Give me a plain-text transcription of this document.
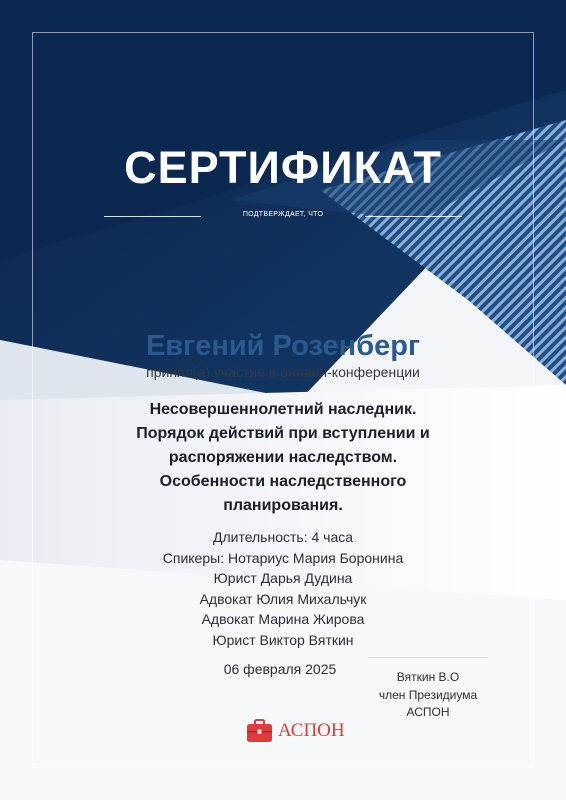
СЕРТИФИКАТ
ПОДТВЕРЖДАЕТ, ЧТО
Евгений Розенберг
принял(а) участие в онлайн-конференции
Несовершеннолетний наследник.
Порядок действий при вступлении и
распоряжении наследством.
Особенности наследственного
планирования.
Длительность: 4 часа
Спикеры: Нотариус Мария Боронина
Юрист Дарья Дудина
Адвокат Юлия Михальчук
Адвокат Марина Жирова
Юрист Виктор Вяткин
06 февраля 2025	Вяткин В.О
член Президиума
АСПОН
АСПОН
